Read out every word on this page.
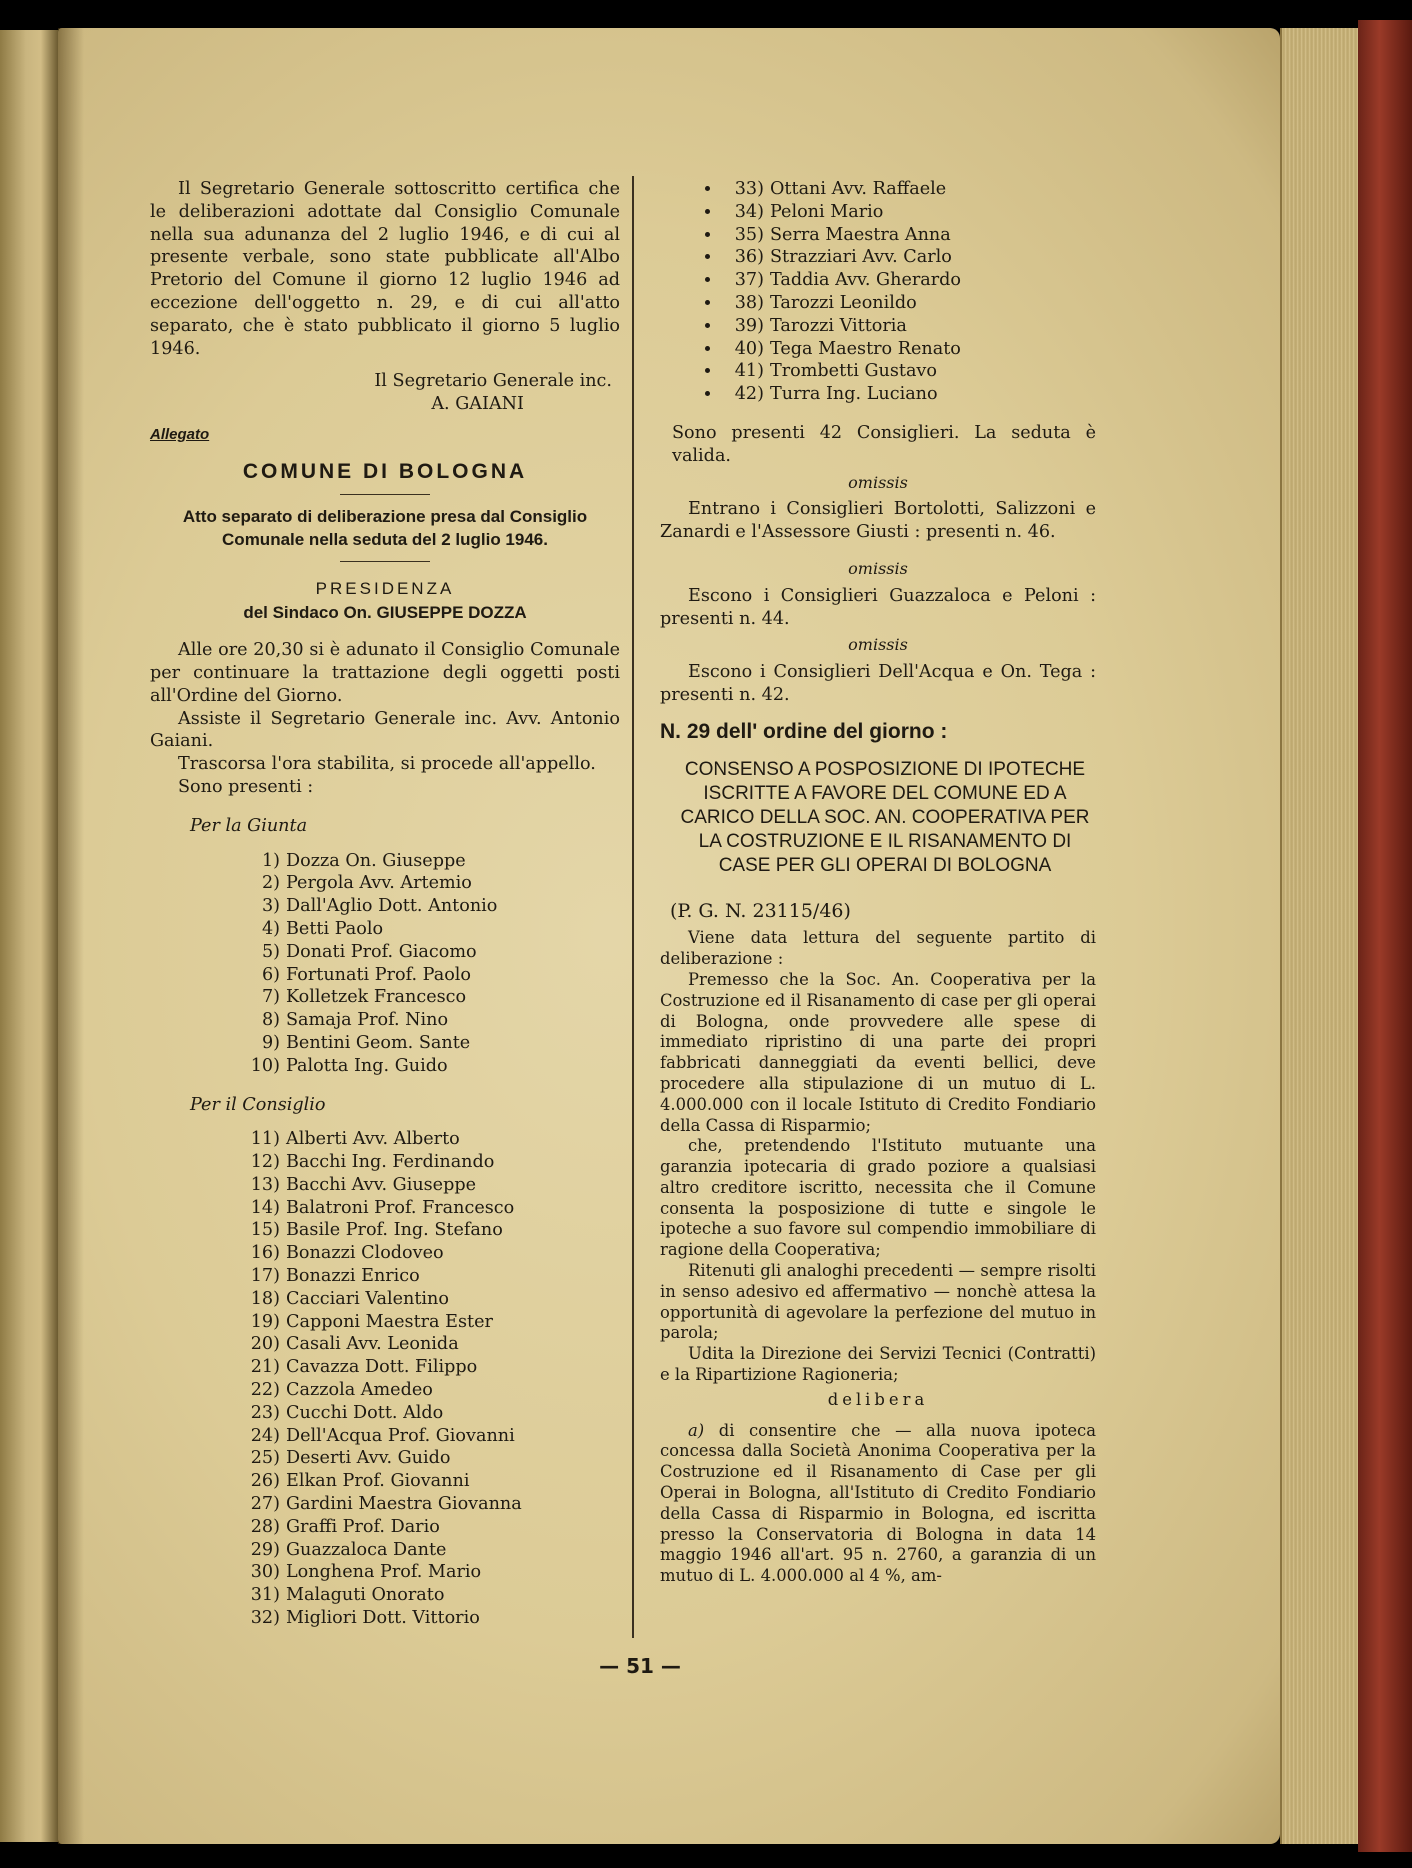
Il Segretario Generale sottoscritto certifica che le deliberazioni adottate dal Consiglio Comunale nella sua adunanza del 2 luglio 1946, e di cui al presente verbale, sono state pubblicate all'Albo Pretorio del Comune il giorno 12 luglio 1946 ad eccezione dell'oggetto n. 29, e di cui all'atto separato, che è stato pubblicato il giorno 5 luglio 1946.

Il Segretario Generale inc.

A. GAIANI

Allegato

COMUNE DI BOLOGNA

Atto separato di deliberazione presa dal Consiglio Comunale nella seduta del 2 luglio 1946.

PRESIDENZA

del Sindaco On. GIUSEPPE DOZZA

Alle ore 20,30 si è adunato il Consiglio Comunale per continuare la trattazione degli oggetti posti all'Ordine del Giorno.

Assiste il Segretario Generale inc. Avv. Antonio Gaiani.

Trascorsa l'ora stabilita, si procede all'appello.

Sono presenti :

Per la Giunta

1) Dozza On. Giuseppe
2) Pergola Avv. Artemio
3) Dall'Aglio Dott. Antonio
4) Betti Paolo
5) Donati Prof. Giacomo
6) Fortunati Prof. Paolo
7) Kolletzek Francesco
8) Samaja Prof. Nino
9) Bentini Geom. Sante
10) Palotta Ing. Guido

Per il Consiglio

11) Alberti Avv. Alberto
12) Bacchi Ing. Ferdinando
13) Bacchi Avv. Giuseppe
14) Balatroni Prof. Francesco
15) Basile Prof. Ing. Stefano
16) Bonazzi Clodoveo
17) Bonazzi Enrico
18) Cacciari Valentino
19) Capponi Maestra Ester
20) Casali Avv. Leonida
21) Cavazza Dott. Filippo
22) Cazzola Amedeo
23) Cucchi Dott. Aldo
24) Dell'Acqua Prof. Giovanni
25) Deserti Avv. Guido
26) Elkan Prof. Giovanni
27) Gardini Maestra Giovanna
28) Graffi Prof. Dario
29) Guazzaloca Dante
30) Longhena Prof. Mario
31) Malaguti Onorato
32) Migliori Dott. Vittorio
• 33) Ottani Avv. Raffaele
• 34) Peloni Mario
• 35) Serra Maestra Anna
• 36) Strazziari Avv. Carlo
• 37) Taddia Avv. Gherardo
• 38) Tarozzi Leonildo
• 39) Tarozzi Vittoria
• 40) Tega Maestro Renato
• 41) Trombetti Gustavo
• 42) Turra Ing. Luciano

Sono presenti 42 Consiglieri. La seduta è valida.

omissis

Entrano i Consiglieri Bortolotti, Salizzoni e Zanardi e l'Assessore Giusti : presenti n. 46.

omissis

Escono i Consiglieri Guazzaloca e Peloni : presenti n. 44.

omissis

Escono i Consiglieri Dell'Acqua e On. Tega : presenti n. 42.

N. 29 dell' ordine del giorno :

CONSENSO A POSPOSIZIONE DI IPOTECHE ISCRITTE A FAVORE DEL COMUNE ED A CARICO DELLA SOC. AN. COOPERATIVA PER LA COSTRUZIONE E IL RISANAMENTO DI CASE PER GLI OPERAI DI BOLOGNA

(P. G. N. 23115/46)

Viene data lettura del seguente partito di deliberazione :

Premesso che la Soc. An. Cooperativa per la Costruzione ed il Risanamento di case per gli operai di Bologna, onde provvedere alle spese di immediato ripristino di una parte dei propri fabbricati danneggiati da eventi bellici, deve procedere alla stipulazione di un mutuo di L. 4.000.000 con il locale Istituto di Credito Fondiario della Cassa di Risparmio;

che, pretendendo l'Istituto mutuante una garanzia ipotecaria di grado poziore a qualsiasi altro creditore iscritto, necessita che il Comune consenta la posposizione di tutte e singole le ipoteche a suo favore sul compendio immobiliare di ragione della Cooperativa;

Ritenuti gli analoghi precedenti — sempre risolti in senso adesivo ed affermativo — nonchè attesa la opportunità di agevolare la perfezione del mutuo in parola;

Udita la Direzione dei Servizi Tecnici (Contratti) e la Ripartizione Ragioneria;

delibera

a) di consentire che — alla nuova ipoteca concessa dalla Società Anonima Cooperativa per la Costruzione ed il Risanamento di Case per gli Operai in Bologna, all'Istituto di Credito Fondiario della Cassa di Risparmio in Bologna, ed iscritta presso la Conservatoria di Bologna in data 14 maggio 1946 all'art. 95 n. 2760, a garanzia di un mutuo di L. 4.000.000 al 4 %, am-

— 51 —
